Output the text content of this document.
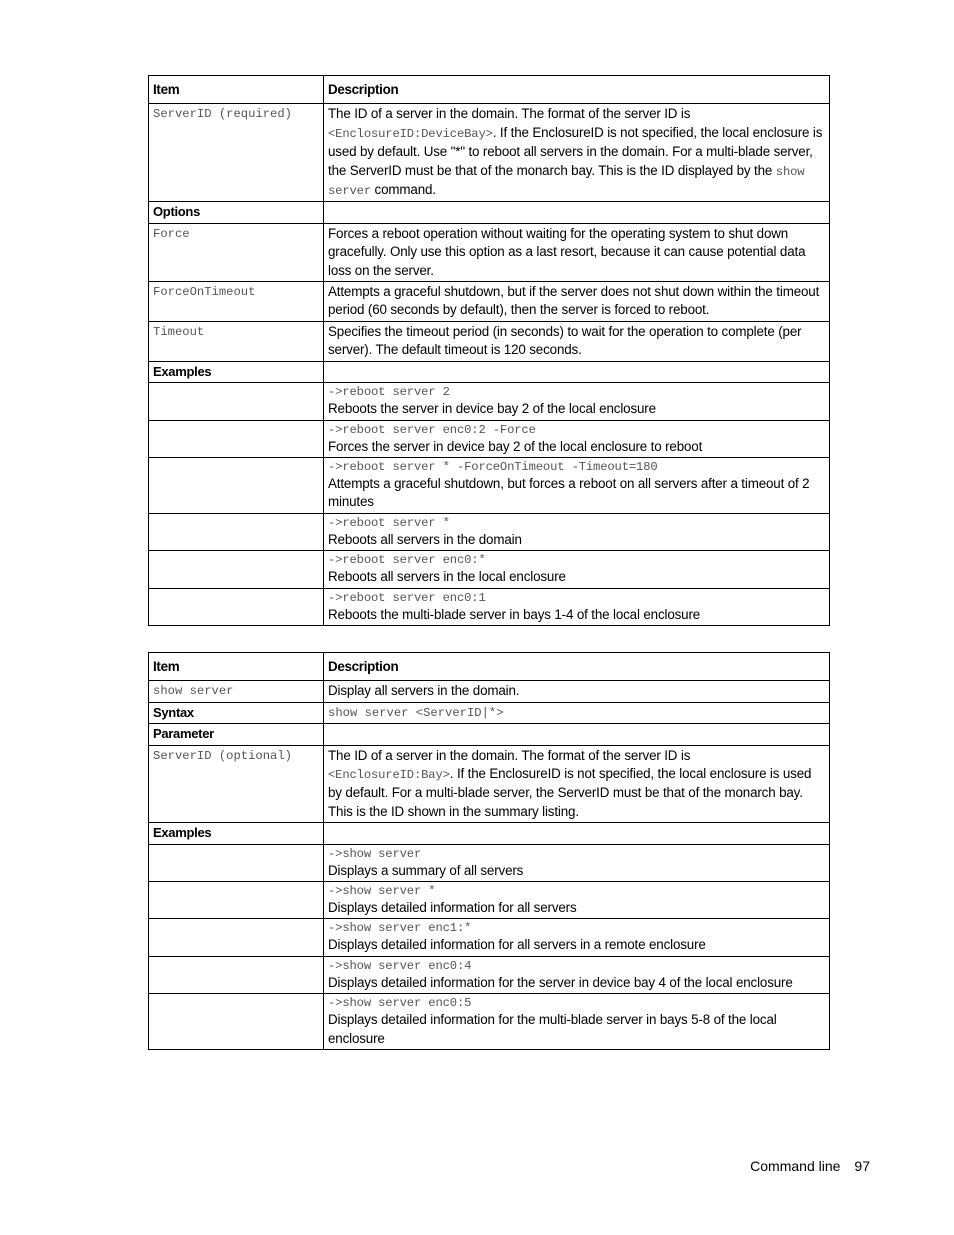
Item	Description
ServerID (required)	The ID of a server in the domain. The format of the server ID is
<EnclosureID:DeviceBay>. If the EnclosureID is not specified, the local enclosure is used by default. Use "*" to reboot all servers in the domain. For a multi-blade server, the ServerID must be that of the monarch bay. This is the ID displayed by the show server command.
Options	
Force	Forces a reboot operation without waiting for the operating system to shut down gracefully. Only use this option as a last resort, because it can cause potential data loss on the server.
ForceOnTimeout	Attempts a graceful shutdown, but if the server does not shut down within the timeout period (60 seconds by default), then the server is forced to reboot.
Timeout	Specifies the timeout period (in seconds) to wait for the operation to complete (per server). The default timeout is 120 seconds.
Examples	

	->reboot server 2
Reboots the server in device bay 2 of the local enclosure

	->reboot server enc0:2 -Force
Forces the server in device bay 2 of the local enclosure to reboot

	->reboot server * -ForceOnTimeout -Timeout=180
Attempts a graceful shutdown, but forces a reboot on all servers after a timeout of 2 minutes

	->reboot server *
Reboots all servers in the domain

	->reboot server enc0:*
Reboots all servers in the local enclosure

	->reboot server enc0:1
Reboots the multi-blade server in bays 1-4 of the local enclosure
Item	Description
show server	Display all servers in the domain.
Syntax	show server <ServerID|*>
Parameter	
ServerID (optional)	The ID of a server in the domain. The format of the server ID is
<EnclosureID:Bay>. If the EnclosureID is not specified, the local enclosure is used by default. For a multi-blade server, the ServerID must be that of the monarch bay. This is the ID shown in the summary listing.
Examples	

	->show server
Displays a summary of all servers

	->show server *
Displays detailed information for all servers

	->show server enc1:*
Displays detailed information for all servers in a remote enclosure

	->show server enc0:4
Displays detailed information for the server in device bay 4 of the local enclosure

	->show server enc0:5
Displays detailed information for the multi-blade server in bays 5-8 of the local enclosure
Command line 97
